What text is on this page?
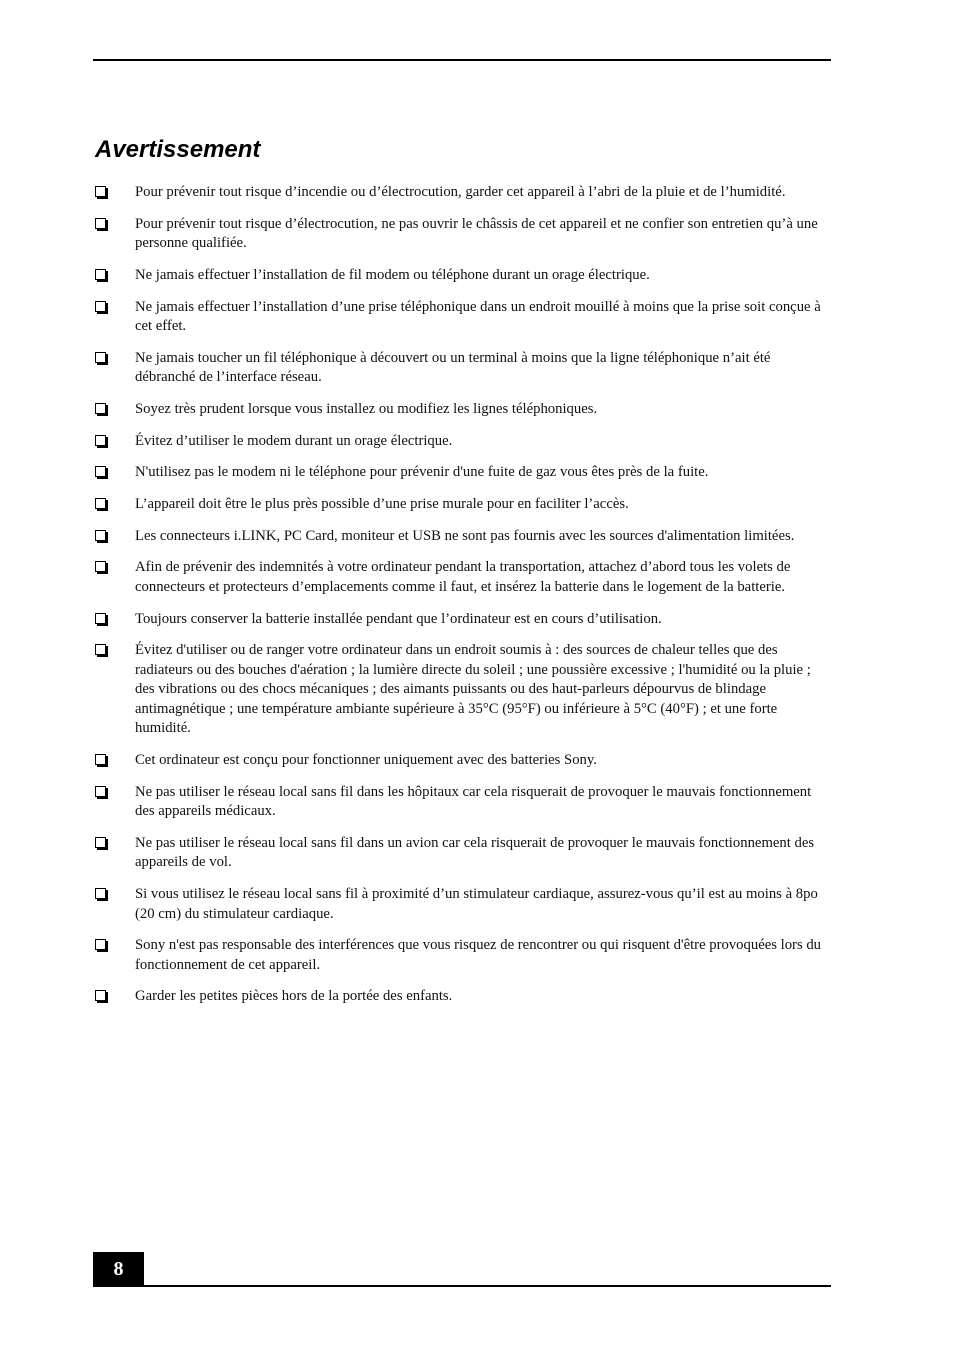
Avertissement
Pour prévenir tout risque d’incendie ou d’électrocution, garder cet appareil à l’abri de la pluie et de l’humidité.
Pour prévenir tout risque d’électrocution, ne pas ouvrir le châssis de cet appareil et ne confier son entretien qu’à une personne qualifiée.
Ne jamais effectuer l’installation de fil modem ou téléphone durant un orage électrique.
Ne jamais effectuer l’installation d’une prise téléphonique dans un endroit mouillé à moins que la prise soit conçue à cet effet.
Ne jamais toucher un fil téléphonique à découvert ou un terminal à moins que la ligne téléphonique n’ait été débranché de l’interface réseau.
Soyez très prudent lorsque vous installez ou modifiez les lignes téléphoniques.
Évitez d’utiliser le modem durant un orage électrique.
N'utilisez pas le modem ni le téléphone pour prévenir d'une fuite de gaz vous êtes près de la fuite.
L’appareil doit être le plus près possible d’une prise murale pour en faciliter l’accès.
Les connecteurs i.LINK, PC Card, moniteur et USB ne sont pas fournis avec les sources d'alimentation limitées.
Afin de prévenir des indemnités à votre ordinateur pendant la transportation, attachez d’abord tous les volets de connecteurs et protecteurs d’emplacements comme il faut, et insérez la batterie dans le logement de la batterie.
Toujours conserver la batterie installée pendant que l’ordinateur est en cours d’utilisation.
Évitez d'utiliser ou de ranger votre ordinateur dans un endroit soumis à : des sources de chaleur telles que des radiateurs ou des bouches d'aération ; la lumière directe du soleil ; une poussière excessive ; l'humidité ou la pluie ; des vibrations ou des chocs mécaniques ; des aimants puissants ou des haut-parleurs dépourvus de blindage antimagnétique ; une température ambiante supérieure à 35°C (95°F) ou inférieure à 5°C (40°F) ; et une forte humidité.
Cet ordinateur est conçu pour fonctionner uniquement avec des batteries Sony.
Ne pas utiliser le réseau local sans fil dans les hôpitaux car cela risquerait de provoquer le mauvais fonctionnement des appareils médicaux.
Ne pas utiliser le réseau local sans fil dans un avion car cela risquerait de provoquer le mauvais fonctionnement des appareils de vol.
Si vous utilisez le réseau local sans fil à proximité d’un stimulateur cardiaque, assurez-vous qu’il est au moins à 8po (20 cm) du stimulateur cardiaque.
Sony n'est pas responsable des interférences que vous risquez de rencontrer ou qui risquent d'être provoquées lors du fonctionnement de cet appareil.
Garder les petites pièces hors de la portée des enfants.
8
